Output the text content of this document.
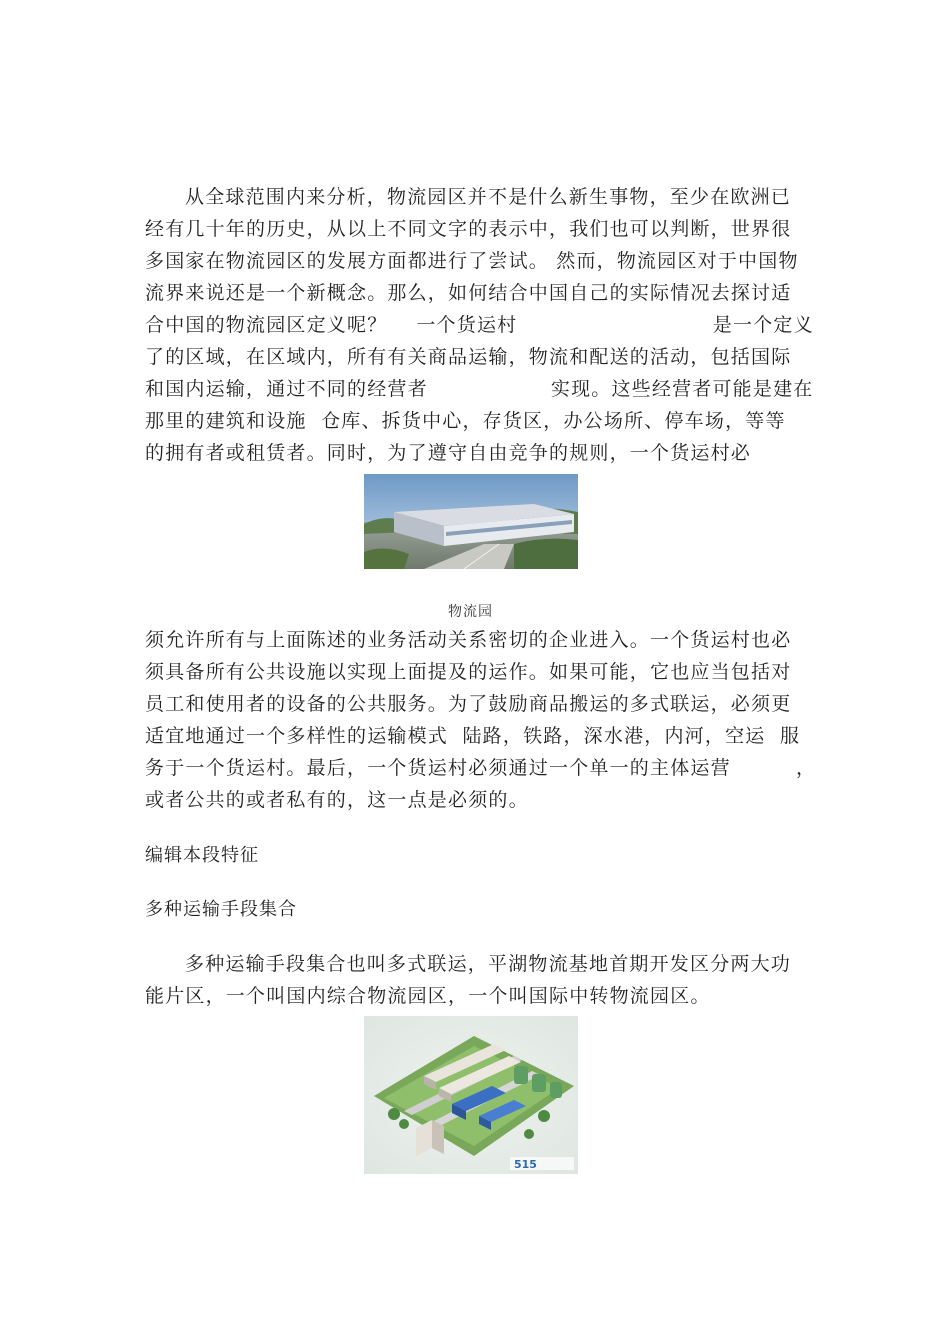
从全球范围内来分析，物流园区并不是什么新生事物，至少在欧洲已
经有几十年的历史，从以上不同文字的表示中，我们也可以判断，世界很
多国家在物流园区的发展方面都进行了尝试。 然而，物流园区对于中国物
流界来说还是一个新概念。那么，如何结合中国自己的实际情况去探讨适
合中国的物流园区定义呢？    一个货运村                           是一个定义
了的区域，在区域内，所有有关商品运输，物流和配送的活动，包括国际
和国内运输，通过不同的经营者                 实现。这些经营者可能是建在
那里的建筑和设施  仓库、拆货中心，存货区，办公场所、停车场，等等
的拥有者或租赁者。同时，为了遵守自由竞争的规则，一个货运村必
物流园
须允许所有与上面陈述的业务活动关系密切的企业进入。一个货运村也必
须具备所有公共设施以实现上面提及的运作。如果可能，它也应当包括对
员工和使用者的设备的公共服务。为了鼓励商品搬运的多式联运，必须更
适宜地通过一个多样性的运输模式  陆路，铁路，深水港，内河，空运  服
务于一个货运村。最后，一个货运村必须通过一个单一的主体运营         ，
或者公共的或者私有的，这一点是必须的。
编辑本段特征
多种运输手段集合
多种运输手段集合也叫多式联运，平湖物流基地首期开发区分两大功
能片区，一个叫国内综合物流园区，一个叫国际中转物流园区。
515
